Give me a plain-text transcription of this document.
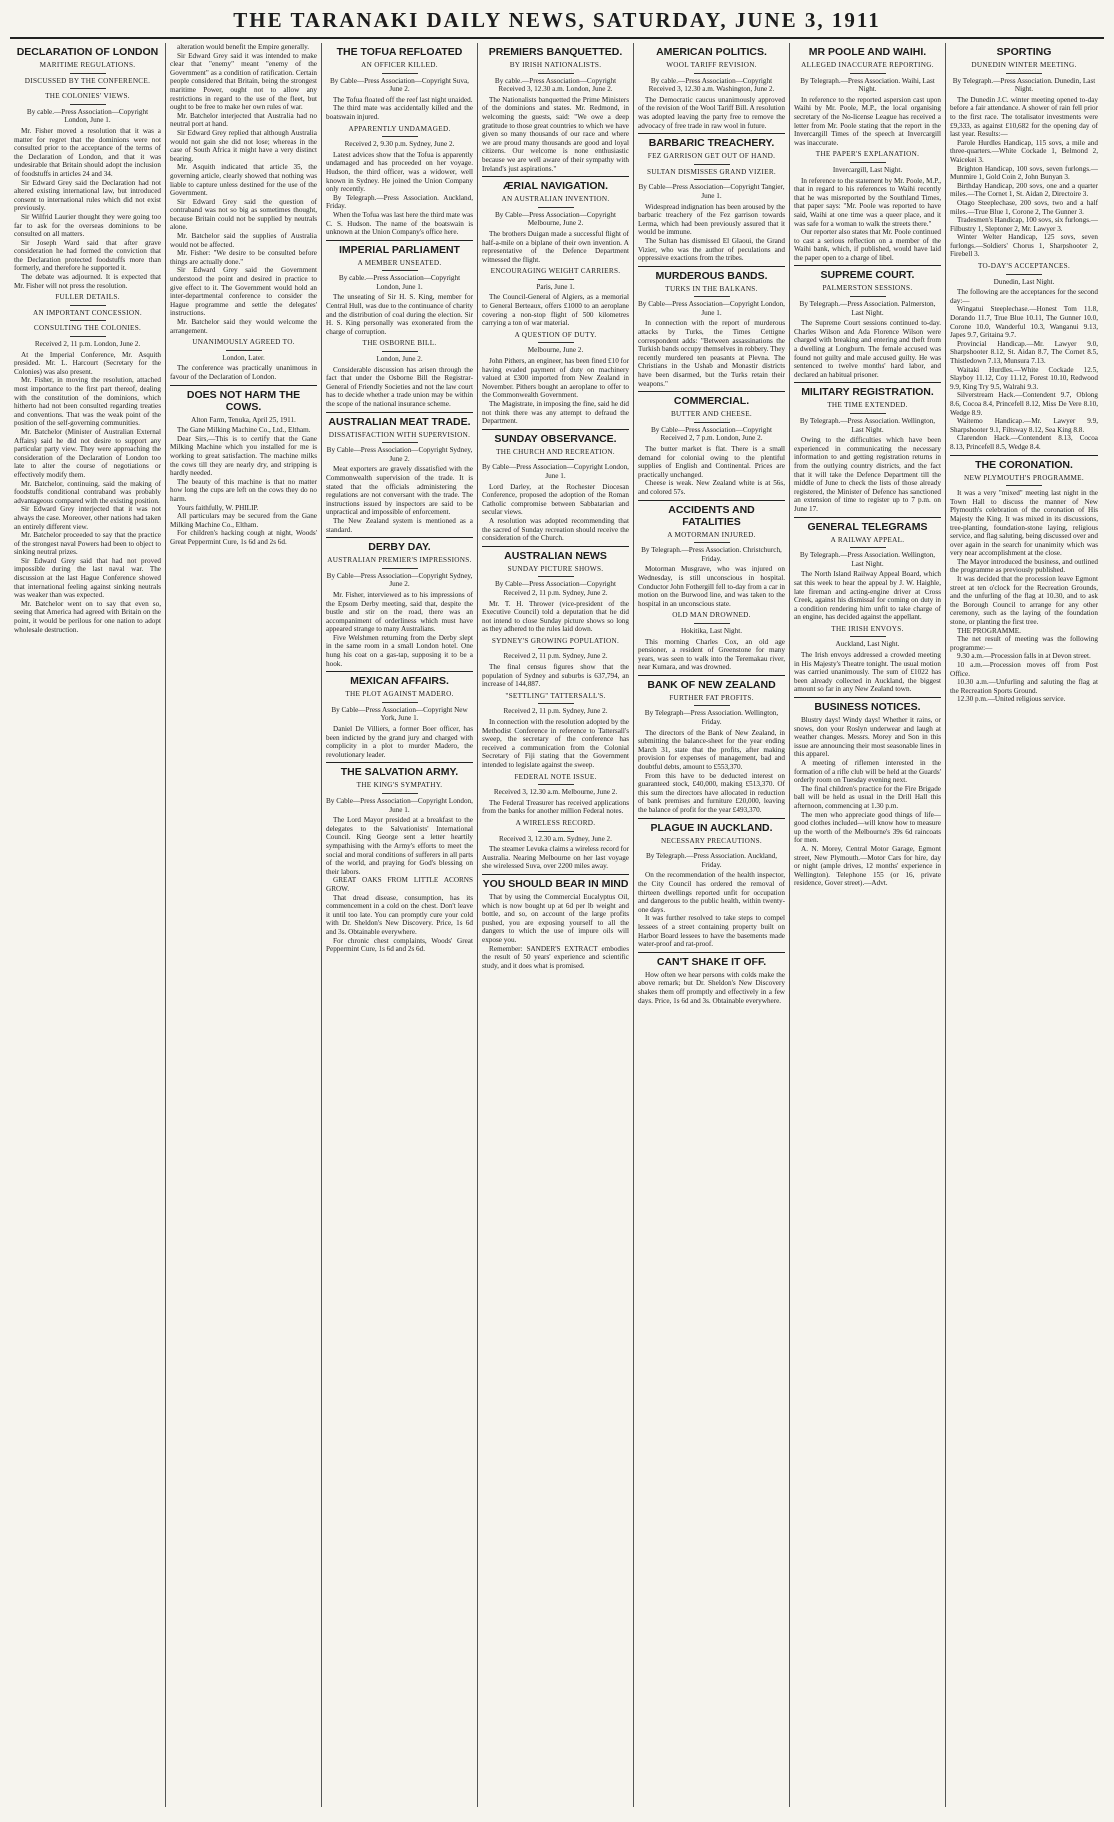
THE TARANAKI DAILY NEWS, SATURDAY, JUNE 3, 1911
DECLARATION OF LONDON
MARITIME REGULATIONS.
DISCUSSED BY THE CONFERENCE.
THE COLONIES' VIEWS.
By cable.—Press Association—Copyright London, June 1.

Mr. Fisher moved a resolution that it was a matter for regret that the dominions were not consulted prior to the acceptance of the terms of the Declaration of London, and that it was undesirable that Britain should adopt the inclusion of foodstuffs in articles 24 and 34.

Sir Edward Grey said the Declaration had not altered existing international law, but introduced consent to international rules which did not exist previously.

Sir Wilfrid Laurier thought they were going too far to ask for the overseas dominions to be consulted on all matters.

Sir Joseph Ward said that after grave consideration he had formed the conviction that the Declaration protected foodstuffs more than formerly, and therefore he supported it.

The debate was adjourned. It is expected that Mr. Fisher will not press the resolution.

FULLER DETAILS.
AN IMPORTANT CONCESSION.
CONSULTING THE COLONIES.
Received 2, 11 p.m. London, June 2.

At the Imperial Conference, Mr. Asquith presided. Mr. L. Harcourt (Secretary for the Colonies) was also present.

Mr. Fisher, in moving the resolution, attached most importance to the first part thereof, dealing with the constitution of the dominions, which hitherto had not been consulted regarding treaties and conventions. That was the weak point of the position of the self-governing communities.

Mr. Batchelor (Minister of Australian External Affairs) said he did not desire to support any particular party view. They were approaching the consideration of the Declaration of London too late to alter the course of negotiations or effectively modify them.

Mr. Batchelor, continuing, said the making of foodstuffs conditional contraband was probably advantageous compared with the existing position.

Sir Edward Grey interjected that it was not always the case. Moreover, other nations had taken an entirely different view.

Mr. Batchelor proceeded to say that the practice of the strongest naval Powers had been to object to sinking neutral prizes.

Sir Edward Grey said that had not proved impossible during the last naval war. The discussion at the last Hague Conference showed that international feeling against sinking neutrals was weaker than was expected.

Mr. Batchelor went on to say that even so, seeing that America had agreed with Britain on the point, it would be perilous for one nation to adopt wholesale destruction.

alteration would benefit the Empire generally.

Sir Edward Grey said it was intended to make clear that "enemy" meant "enemy of the Government" as a condition of ratification. Certain people considered that Britain, being the strongest maritime Power, ought not to allow any restrictions in regard to the use of the fleet, but ought to be free to make her own rules of war.

Mr. Batchelor interjected that Australia had no neutral port at hand.

Sir Edward Grey replied that although Australia would not gain she did not lose; whereas in the case of South Africa it might have a very distinct bearing.

Mr. Asquith indicated that article 35, the governing article, clearly showed that nothing was liable to capture unless destined for the use of the Government.

Sir Edward Grey said the question of contraband was not so big as sometimes thought, because Britain could not be supplied by neutrals alone.

Mr. Batchelor said the supplies of Australia would not be affected.

Mr. Fisher: "We desire to be consulted before things are actually done."

Sir Edward Grey said the Government understood the point and desired in practice to give effect to it. The Government would hold an inter-departmental conference to consider the Hague programme and settle the delegates' instructions.

Mr. Batchelor said they would welcome the arrangement.

UNANIMOUSLY AGREED TO.
London, Later.

The conference was practically unanimous in favour of the Declaration of London.

DOES NOT HARM THE COWS.
Alton Farm, Tenuka, April 25, 1911.

The Gane Milking Machine Co., Ltd., Eltham.

Dear Sirs,—This is to certify that the Gane Milking Machine which you installed for me is working to great satisfaction. The machine milks the cows till they are nearly dry, and stripping is hardly needed.

The beauty of this machine is that no matter how long the cups are left on the cows they do no harm.

Yours faithfully, W. PHILIP.

All particulars may be secured from the Gane Milking Machine Co., Eltham.

For children's hacking cough at night, Woods' Great Peppermint Cure, 1s 6d and 2s 6d.

THE TOFUA REFLOATED
AN OFFICER KILLED.
By Cable—Press Association—Copyright Suva, June 2.

The Tofua floated off the reef last night unaided.

The third mate was accidentally killed and the boatswain injured.

APPARENTLY UNDAMAGED.
Received 2, 9.30 p.m. Sydney, June 2.

Latest advices show that the Tofua is apparently undamaged and has proceeded on her voyage. Hudson, the third officer, was a widower, well known in Sydney. He joined the Union Company only recently.

By Telegraph.—Press Association. Auckland, Friday.

When the Tofua was last here the third mate was C. S. Hudson. The name of the boatswain is unknown at the Union Company's office here.

IMPERIAL PARLIAMENT
A MEMBER UNSEATED.
By cable.—Press Association—Copyright London, June 1.

The unseating of Sir H. S. King, member for Central Hull, was due to the continuance of charity and the distribution of coal during the election. Sir H. S. King personally was exonerated from the charge of corruption.

THE OSBORNE BILL.
London, June 2.

Considerable discussion has arisen through the fact that under the Osborne Bill the Registrar-General of Friendly Societies and not the law court has to decide whether a trade union may be within the scope of the national insurance scheme.

AUSTRALIAN MEAT TRADE.
DISSATISFACTION WITH SUPERVISION.
By Cable—Press Association—Copyright Sydney, June 2.

Meat exporters are gravely dissatisfied with the Commonwealth supervision of the trade. It is stated that the officials administering the regulations are not conversant with the trade. The instructions issued by inspectors are said to be unpractical and impossible of enforcement.

The New Zealand system is mentioned as a standard.

DERBY DAY.
AUSTRALIAN PREMIER'S IMPRESSIONS.
By Cable—Press Association—Copyright Sydney, June 2.

Mr. Fisher, interviewed as to his impressions of the Epsom Derby meeting, said that, despite the bustle and stir on the road, there was an accompaniment of orderliness which must have appeared strange to many Australians.

Five Welshmen returning from the Derby slept in the same room in a small London hotel. One hung his coat on a gas-tap, supposing it to be a hook.

MEXICAN AFFAIRS.
THE PLOT AGAINST MADERO.
By Cable—Press Association—Copyright New York, June 1.

Daniel De Villiers, a former Boer officer, has been indicted by the grand jury and charged with complicity in a plot to murder Madero, the revolutionary leader.

THE SALVATION ARMY.
THE KING'S SYMPATHY.
By Cable—Press Association—Copyright London, June 1.

The Lord Mayor presided at a breakfast to the delegates to the Salvationists' International Council. King George sent a letter heartily sympathising with the Army's efforts to meet the social and moral conditions of sufferers in all parts of the world, and praying for God's blessing on their labors.

GREAT OAKS FROM LITTLE ACORNS GROW.

That dread disease, consumption, has its commencement in a cold on the chest. Don't leave it until too late. You can promptly cure your cold with Dr. Sheldon's New Discovery. Price, 1s 6d and 3s. Obtainable everywhere.

For chronic chest complaints, Woods' Great Peppermint Cure, 1s 6d and 2s 6d.

PREMIERS BANQUETTED.
BY IRISH NATIONALISTS.
By cable.—Press Association—Copyright Received 3, 12.30 a.m. London, June 2.

The Nationalists banquetted the Prime Ministers of the dominions and states. Mr. Redmond, in welcoming the guests, said: "We owe a deep gratitude to those great countries to which we have given so many thousands of our race and where we are proud many thousands are good and loyal citizens. Our welcome is none enthusiastic because we are well aware of their sympathy with Ireland's just aspirations."

ÆRIAL NAVIGATION.
AN AUSTRALIAN INVENTION.
By Cable—Press Association—Copyright Melbourne, June 2.

The brothers Duigan made a successful flight of half-a-mile on a biplane of their own invention. A representative of the Defence Department witnessed the flight.

ENCOURAGING WEIGHT CARRIERS.
Paris, June 1.

The Council-General of Algiers, as a memorial to General Berteaux, offers £1000 to an aeroplane covering a non-stop flight of 500 kilometres carrying a ton of war material.

A QUESTION OF DUTY.
Melbourne, June 2.

John Pithers, an engineer, has been fined £10 for having evaded payment of duty on machinery valued at £300 imported from New Zealand in November. Pithers bought an aeroplane to offer to the Commonwealth Government.

The Magistrate, in imposing the fine, said he did not think there was any attempt to defraud the Department.

SUNDAY OBSERVANCE.
THE CHURCH AND RECREATION.
By Cable—Press Association—Copyright London, June 1.

Lord Darley, at the Rochester Diocesan Conference, proposed the adoption of the Roman Catholic compromise between Sabbatarian and secular views.

A resolution was adopted recommending that the sacred of Sunday recreation should receive the consideration of the Church.

AUSTRALIAN NEWS
SUNDAY PICTURE SHOWS.
By Cable—Press Association—Copyright Received 2, 11 p.m. Sydney, June 2.

Mr. T. H. Thrower (vice-president of the Executive Council) told a deputation that he did not intend to close Sunday picture shows so long as they adhered to the rules laid down.

SYDNEY'S GROWING POPULATION.
Received 2, 11 p.m. Sydney, June 2.

The final census figures show that the population of Sydney and suburbs is 637,794, an increase of 144,887.

"SETTLING" TATTERSALL'S.
Received 2, 11 p.m. Sydney, June 2.

In connection with the resolution adopted by the Methodist Conference in reference to Tattersall's sweep, the secretary of the conference has received a communication from the Colonial Secretary of Fiji stating that the Government intended to legislate against the sweep.

FEDERAL NOTE ISSUE.
Received 3, 12.30 a.m. Melbourne, June 2.

The Federal Treasurer has received applications from the banks for another million Federal notes.

A WIRELESS RECORD.
Received 3, 12.30 a.m. Sydney, June 2.

The steamer Levuka claims a wireless record for Australia. Nearing Melbourne on her last voyage she wirelessed Suva, over 2200 miles away.

YOU SHOULD BEAR IN MIND

That by using the Commercial Eucalyptus Oil, which is now bought up at 6d per lb weight and bottle, and so, on account of the large profits pushed, you are exposing yourself to all the dangers to which the use of impure oils will expose you.

Remember: SANDER'S EXTRACT embodies the result of 50 years' experience and scientific study, and it does what is promised.

AMERICAN POLITICS.
WOOL TARIFF REVISION.
By cable.—Press Association—Copyright Received 3, 12.30 a.m. Washington, June 2.

The Democratic caucus unanimously approved of the revision of the Wool Tariff Bill. A resolution was adopted leaving the party free to remove the advocacy of free trade in raw wool in future.

BARBARIC TREACHERY.
FEZ GARRISON GET OUT OF HAND.
SULTAN DISMISSES GRAND VIZIER.
By Cable—Press Association—Copyright Tangier, June 1.

Widespread indignation has been aroused by the barbaric treachery of the Fez garrison towards Lerma, which had been previously assured that it would be immune.

The Sultan has dismissed El Glaoui, the Grand Vizier, who was the author of peculations and oppressive exactions from the tribes.

MURDEROUS BANDS.
TURKS IN THE BALKANS.
By Cable—Press Association—Copyright London, June 1.

In connection with the report of murderous attacks by Turks, the Times Cettigne correspondent adds: "Between assassinations the Turkish bands occupy themselves in robbery. They recently murdered ten peasants at Plevna. The Christians in the Ushab and Monastir districts have been disarmed, but the Turks retain their weapons."

COMMERCIAL.
BUTTER AND CHEESE.
By Cable—Press Association—Copyright Received 2, 7 p.m. London, June 2.

The butter market is flat. There is a small demand for colonial owing to the plentiful supplies of English and Continental. Prices are practically unchanged.

Cheese is weak. New Zealand white is at 56s, and colored 57s.

ACCIDENTS AND FATALITIES
A MOTORMAN INJURED.
By Telegraph.—Press Association. Christchurch, Friday.

Motorman Musgrave, who was injured on Wednesday, is still unconscious in hospital. Conductor John Fothergill fell to-day from a car in motion on the Burwood line, and was taken to the hospital in an unconscious state.

OLD MAN DROWNED.
Hokitika, Last Night.

This morning Charles Cox, an old age pensioner, a resident of Greenstone for many years, was seen to walk into the Teremakau river, near Kumara, and was drowned.

BANK OF NEW ZEALAND
FURTHER FAT PROFITS.
By Telegraph—Press Association. Wellington, Friday.

The directors of the Bank of New Zealand, in submitting the balance-sheet for the year ending March 31, state that the profits, after making provision for expenses of management, bad and doubtful debts, amount to £553,370.

From this have to be deducted interest on guaranteed stock, £40,000, making £513,370. Of this sum the directors have allocated in reduction of bank premises and furniture £20,000, leaving the balance of profit for the year £493,370.

PLAGUE IN AUCKLAND.
NECESSARY PRECAUTIONS.
By Telegraph.—Press Association. Auckland, Friday.

On the recommendation of the health inspector, the City Council has ordered the removal of thirteen dwellings reported unfit for occupation and dangerous to the public health, within twenty-one days.

It was further resolved to take steps to compel lessees of a street containing property built on Harbor Board lessees to have the basements made water-proof and rat-proof.

CAN'T SHAKE IT OFF.

How often we hear persons with colds make the above remark; but Dr. Sheldon's New Discovery shakes them off promptly and effectively in a few days. Price, 1s 6d and 3s. Obtainable everywhere.

MR POOLE AND WAIHI.
ALLEGED INACCURATE REPORTING.
By Telegraph.—Press Association. Waihi, Last Night.

In reference to the reported aspersion cast upon Waihi by Mr. Poole, M.P., the local organising secretary of the No-license League has received a letter from Mr. Poole stating that the report in the Invercargill Times of the speech at Invercargill was inaccurate.

THE PAPER'S EXPLANATION.
Invercargill, Last Night.

In reference to the statement by Mr. Poole, M.P., that in regard to his references to Waihi recently that he was misreported by the Southland Times, that paper says: "Mr. Poole was reported to have said, Waihi at one time was a queer place, and it was safe for a woman to walk the streets there."

Our reporter also states that Mr. Poole continued to cast a serious reflection on a member of the Waihi bank, which, if published, would have laid the paper open to a charge of libel.

SUPREME COURT.
PALMERSTON SESSIONS.
By Telegraph.—Press Association. Palmerston, Last Night.

The Supreme Court sessions continued to-day. Charles Wilson and Ada Florence Wilson were charged with breaking and entering and theft from a dwelling at Longburn. The female accused was found not guilty and male accused guilty. He was sentenced to twelve months' hard labor, and declared an habitual prisoner.

MILITARY REGISTRATION.
THE TIME EXTENDED.
By Telegraph.—Press Association. Wellington, Last Night.

Owing to the difficulties which have been experienced in communicating the necessary information to and getting registration returns in from the outlying country districts, and the fact that it will take the Defence Department till the middle of June to check the lists of those already registered, the Minister of Defence has sanctioned an extension of time to register up to 7 p.m. on June 17.

GENERAL TELEGRAMS
A RAILWAY APPEAL.
By Telegraph.—Press Association. Wellington, Last Night.

The North Island Railway Appeal Board, which sat this week to hear the appeal by J. W. Haighle, late fireman and acting-engine driver at Cross Creek, against his dismissal for coming on duty in a condition rendering him unfit to take charge of an engine, has decided against the appellant.

THE IRISH ENVOYS.
Auckland, Last Night.

The Irish envoys addressed a crowded meeting in His Majesty's Theatre tonight. The usual motion was carried unanimously. The sum of £1022 has been already collected in Auckland, the biggest amount so far in any New Zealand town.

BUSINESS NOTICES.

Blustry days! Windy days! Whether it rains, or snows, don your Roslyn underwear and laugh at weather changes. Messrs. Morey and Son in this issue are announcing their most seasonable lines in this apparel.

A meeting of riflemen interested in the formation of a rifle club will be held at the Guards' orderly room on Tuesday evening next.

The final children's practice for the Fire Brigade ball will be held as usual in the Drill Hall this afternoon, commencing at 1.30 p.m.

The men who appreciate good things of life—good clothes included—will know how to measure up the worth of the Melbourne's 39s 6d raincoats for men.

A. N. Morey, Central Motor Garage, Egmont street, New Plymouth.—Motor Cars for hire, day or night (ample drives, 12 months' experience in Wellington). Telephone 155 (or 16, private residence, Gover street).—Advt.

SPORTING
DUNEDIN WINTER MEETING.
By Telegraph.—Press Association. Dunedin, Last Night.

The Dunedin J.C. winter meeting opened to-day before a fair attendance. A shower of rain fell prior to the first race. The totalisator investments were £9,333, as against £10,682 for the opening day of last year. Results:—

Parole Hurdles Handicap, 115 sovs, a mile and three-quarters.—White Cockade 1, Belmond 2, Waicekei 3.

Brighton Handicap, 100 sovs, seven furlongs.—Munmire 1, Gold Coin 2, John Bunyan 3.

Birthday Handicap, 200 sovs, one and a quarter miles.—The Cornet 1, St. Aidan 2, Directoire 3.

Otago Steeplechase, 200 sovs, two and a half miles.—True Blue 1, Corone 2, The Gunner 3.

Tradesmen's Handicap, 100 sovs, six furlongs.—Filbustry 1, Sleptoner 2, Mr. Lawyer 3.

Winter Welter Handicap, 125 sovs, seven furlongs.—Soldiers' Chorus 1, Sharpshooter 2, Firebell 3.

TO-DAY'S ACCEPTANCES.
Dunedin, Last Night.

The following are the acceptances for the second day:—

Wingatui Steeplechase.—Honest Tom 11.8, Dorando 11.7, True Blue 10.11, The Gunner 10.0, Corone 10.0, Wanderful 10.3, Wanganui 9.13, Japes 9.7, Gritaina 9.7.

Provincial Handicap.—Mr. Lawyer 9.0, Sharpshooter 8.12, St. Aidan 8.7, The Cornet 8.5, Thistledown 7.13, Munsura 7.13.

Waitaki Hurdles.—White Cockade 12.5, Slayboy 11.12, Coy 11.12, Forest 10.10, Redwood 9.9, King Try 9.5, Walrahi 9.3.

Silverstream Hack.—Contendent 9.7, Oblong 8.6, Cocoa 8.4, Princefell 8.12, Miss De Vere 8.10, Wedge 8.9.

Waitemo Handicap.—Mr. Lawyer 9.9, Sharpshooter 9.1, Filtsway 8.12, Sea King 8.8.

Clarendon Hack.—Contendent 8.13, Cocoa 8.13, Princefell 8.5, Wedge 8.4.

THE CORONATION.
NEW PLYMOUTH'S PROGRAMME.

It was a very "mixed" meeting last night in the Town Hall to discuss the manner of New Plymouth's celebration of the coronation of His Majesty the King. It was mixed in its discussions, tree-planting, foundation-stone laying, religious service, and flag saluting, being discussed over and over again in the search for unanimity which was very near accomplishment at the close.

The Mayor introduced the business, and outlined the programme as previously published.

It was decided that the procession leave Egmont street at ten o'clock for the Recreation Grounds, and the unfurling of the flag at 10.30, and to ask the Borough Council to arrange for any other ceremony, such as the laying of the foundation stone, or planting the first tree.

THE PROGRAMME.

The net result of meeting was the following programme:—

9.30 a.m.—Procession falls in at Devon street.

10 a.m.—Procession moves off from Post Office.

10.30 a.m.—Unfurling and saluting the flag at the Recreation Sports Ground.

12.30 p.m.—United religious service.
